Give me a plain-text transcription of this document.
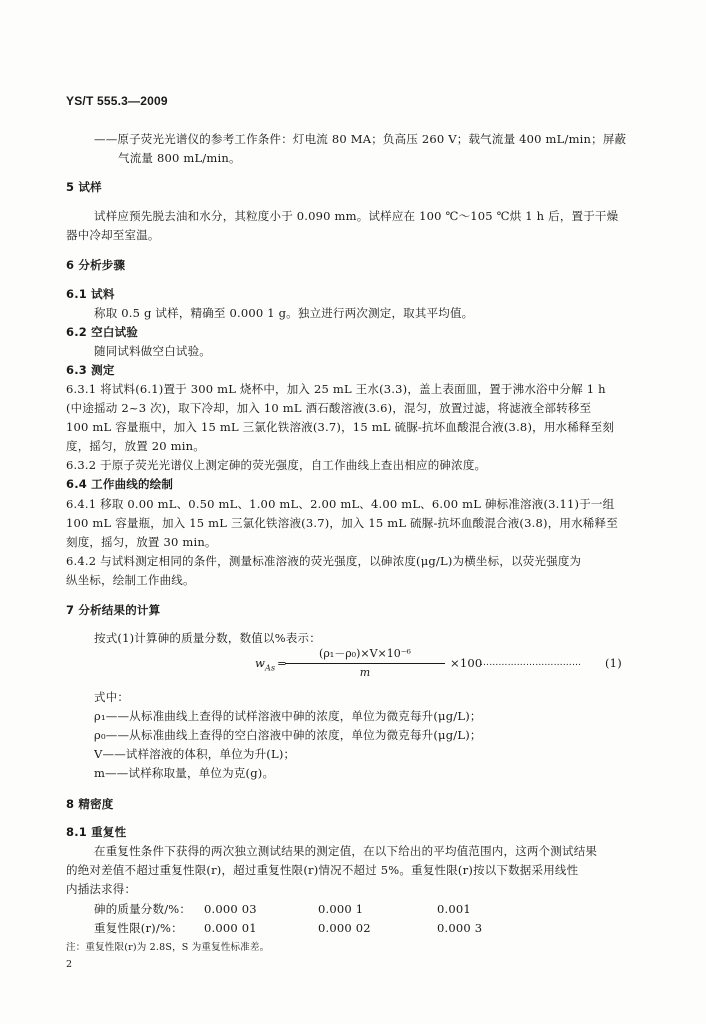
YS/T 555.3—2009
——原子荧光光谱仪的参考工作条件：灯电流 80 MA；负高压 260 V；载气流量 400 mL/min；屏蔽
气流量 800 mL/min。
5 试样
试样应预先脱去油和水分，其粒度小于 0.090 mm。试样应在 100 ℃～105 ℃烘 1 h 后，置于干燥
器中冷却至室温。
6 分析步骤
6.1 试料
称取 0.5 g 试样，精确至 0.000 1 g。独立进行两次测定，取其平均值。
6.2 空白试验
随同试料做空白试验。
6.3 测定
6.3.1 将试料(6.1)置于 300 mL 烧杯中，加入 25 mL 王水(3.3)，盖上表面皿，置于沸水浴中分解 1 h
(中途摇动 2~3 次)，取下冷却，加入 10 mL 酒石酸溶液(3.6)，混匀，放置过滤，将滤液全部转移至
100 mL 容量瓶中，加入 15 mL 三氯化铁溶液(3.7)，15 mL 硫脲-抗坏血酸混合液(3.8)，用水稀释至刻
度，摇匀，放置 20 min。
6.3.2 于原子荧光光谱仪上测定砷的荧光强度，自工作曲线上查出相应的砷浓度。
6.4 工作曲线的绘制
6.4.1 移取 0.00 mL、0.50 mL、1.00 mL、2.00 mL、4.00 mL、6.00 mL 砷标准溶液(3.11)于一组
100 mL 容量瓶，加入 15 mL 三氯化铁溶液(3.7)，加入 15 mL 硫脲-抗坏血酸混合液(3.8)，用水稀释至
刻度，摇匀，放置 30 min。
6.4.2 与试料测定相同的条件，测量标准溶液的荧光强度，以砷浓度(μg/L)为横坐标，以荧光强度为
纵坐标，绘制工作曲线。
7 分析结果的计算
按式(1)计算砷的质量分数，数值以%表示：
$w_{As}$ =
$\frac{\text{(ρ₁－ρ₀)×V×10⁻⁶}}{m} \times 100$
…………………………… (1)
式中：
ρ₁——从标准曲线上查得的试样溶液中砷的浓度，单位为微克每升(μg/L)；
ρ₀——从标准曲线上查得的空白溶液中砷的浓度，单位为微克每升(μg/L)；
V——试样溶液的体积，单位为升(L)；
m——试样称取量，单位为克(g)。
8 精密度
8.1 重复性
在重复性条件下获得的两次独立测试结果的测定值，在以下给出的平均值范围内，这两个测试结果
的绝对差值不超过重复性限(r)，超过重复性限(r)情况不超过 5%。重复性限(r)按以下数据采用线性
内插法求得：
砷的质量分数/%： 0.000 03	0.000 1	0.001
重复性限(r)/%： 0.000 01	0.000 02	0.000 3
注：重复性限(r)为 2.8S，S 为重复性标准差。
2
